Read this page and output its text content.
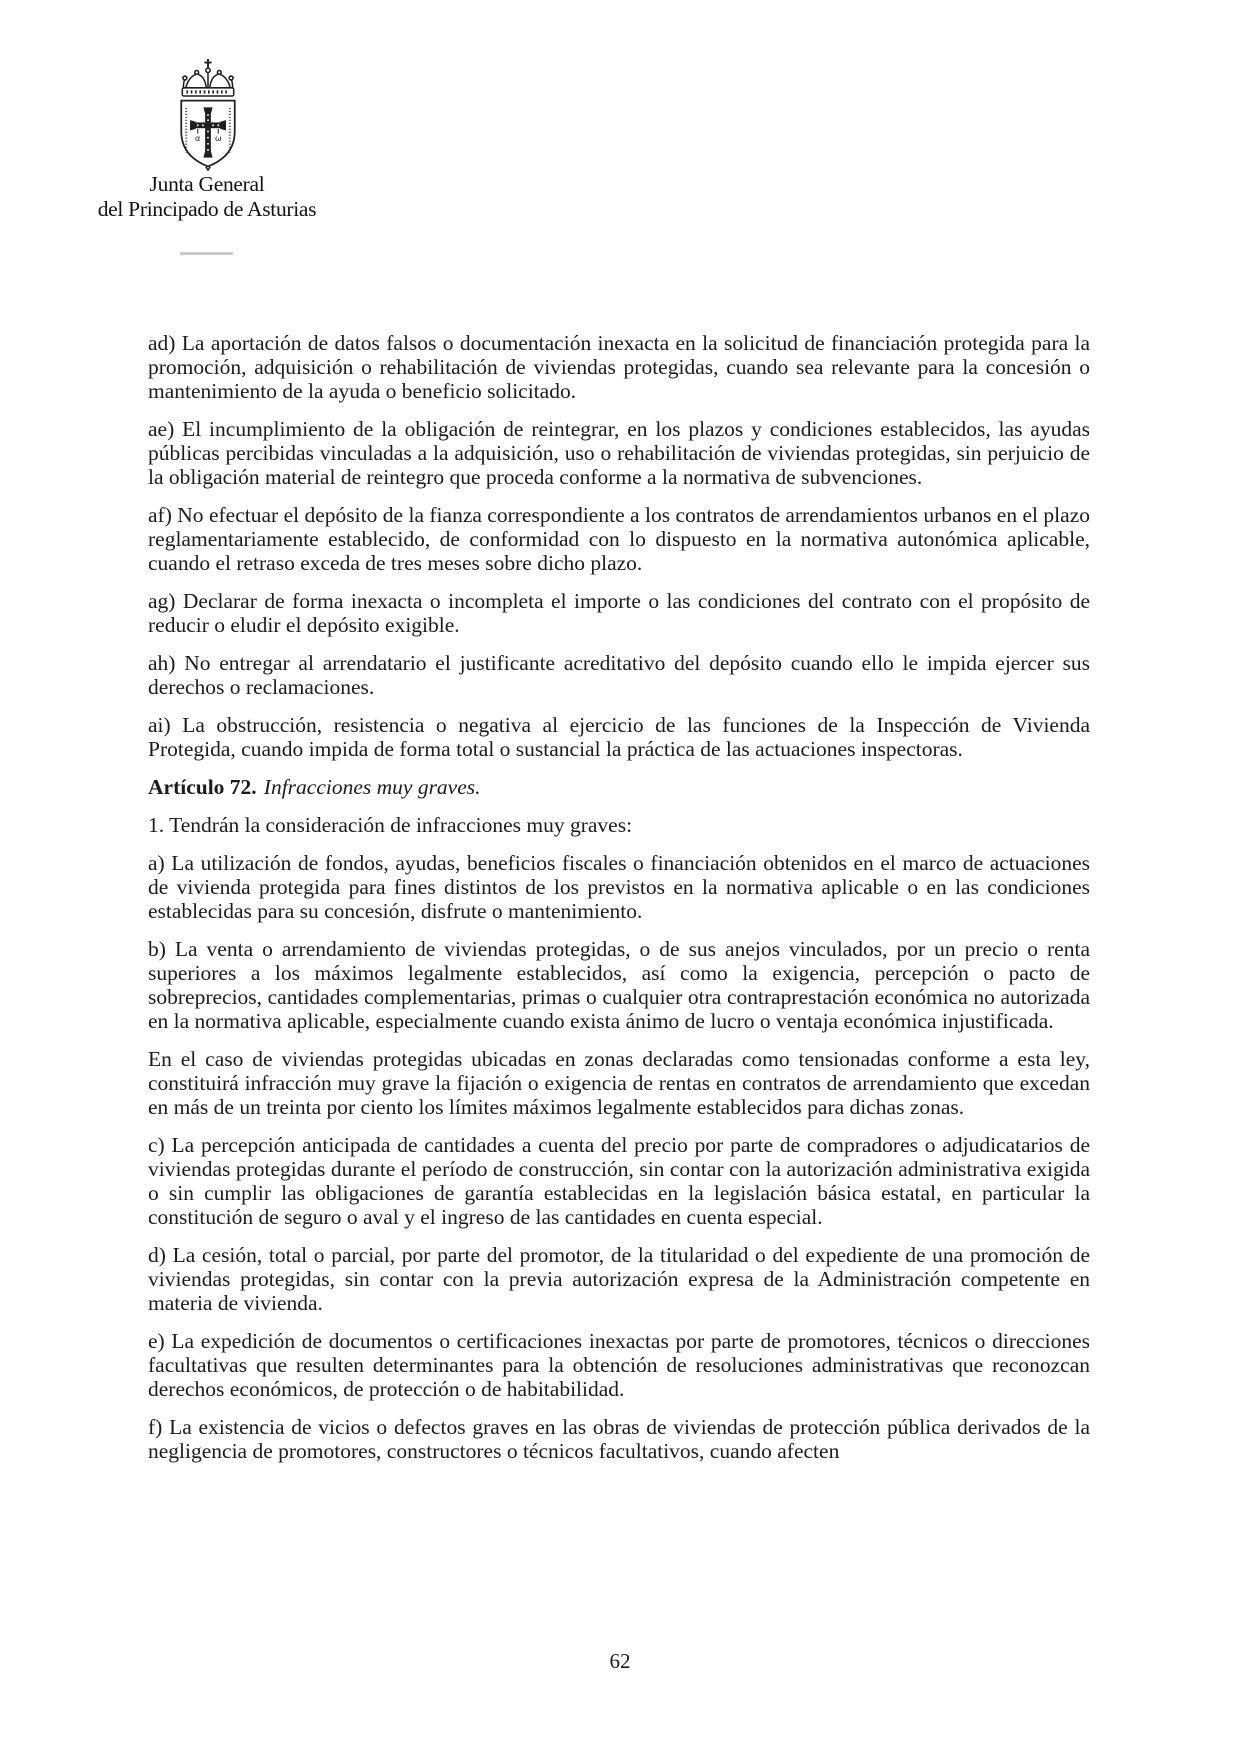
α ω
Junta General
del Principado de Asturias

ad) La aportación de datos falsos o documentación inexacta en la solicitud de financiación protegida para la promoción, adquisición o rehabilitación de viviendas protegidas, cuando sea relevante para la concesión o mantenimiento de la ayuda o beneficio solicitado.

ae) El incumplimiento de la obligación de reintegrar, en los plazos y condiciones establecidos, las ayudas públicas percibidas vinculadas a la adquisición, uso o rehabilitación de viviendas protegidas, sin perjuicio de la obligación material de reintegro que proceda conforme a la normativa de subvenciones.

af) No efectuar el depósito de la fianza correspondiente a los contratos de arrendamientos urbanos en el plazo reglamentariamente establecido, de conformidad con lo dispuesto en la normativa autonómica aplicable, cuando el retraso exceda de tres meses sobre dicho plazo.

ag) Declarar de forma inexacta o incompleta el importe o las condiciones del contrato con el propósito de reducir o eludir el depósito exigible.

ah) No entregar al arrendatario el justificante acreditativo del depósito cuando ello le impida ejercer sus derechos o reclamaciones.

ai) La obstrucción, resistencia o negativa al ejercicio de las funciones de la Inspección de Vivienda Protegida, cuando impida de forma total o sustancial la práctica de las actuaciones inspectoras.

Artículo 72. Infracciones muy graves.

1. Tendrán la consideración de infracciones muy graves:

a) La utilización de fondos, ayudas, beneficios fiscales o financiación obtenidos en el marco de actuaciones de vivienda protegida para fines distintos de los previstos en la normativa aplicable o en las condiciones establecidas para su concesión, disfrute o mantenimiento.

b) La venta o arrendamiento de viviendas protegidas, o de sus anejos vinculados, por un precio o renta superiores a los máximos legalmente establecidos, así como la exigencia, percepción o pacto de sobreprecios, cantidades complementarias, primas o cualquier otra contraprestación económica no autorizada en la normativa aplicable, especialmente cuando exista ánimo de lucro o ventaja económica injustificada.

En el caso de viviendas protegidas ubicadas en zonas declaradas como tensionadas conforme a esta ley, constituirá infracción muy grave la fijación o exigencia de rentas en contratos de arrendamiento que excedan en más de un treinta por ciento los límites máximos legalmente establecidos para dichas zonas.

c) La percepción anticipada de cantidades a cuenta del precio por parte de compradores o adjudicatarios de viviendas protegidas durante el período de construcción, sin contar con la autorización administrativa exigida o sin cumplir las obligaciones de garantía establecidas en la legislación básica estatal, en particular la constitución de seguro o aval y el ingreso de las cantidades en cuenta especial.

d) La cesión, total o parcial, por parte del promotor, de la titularidad o del expediente de una promoción de viviendas protegidas, sin contar con la previa autorización expresa de la Administración competente en materia de vivienda.

e) La expedición de documentos o certificaciones inexactas por parte de promotores, técnicos o direcciones facultativas que resulten determinantes para la obtención de resoluciones administrativas que reconozcan derechos económicos, de protección o de habitabilidad.

f) La existencia de vicios o defectos graves en las obras de viviendas de protección pública derivados de la negligencia de promotores, constructores o técnicos facultativos, cuando afecten

62
